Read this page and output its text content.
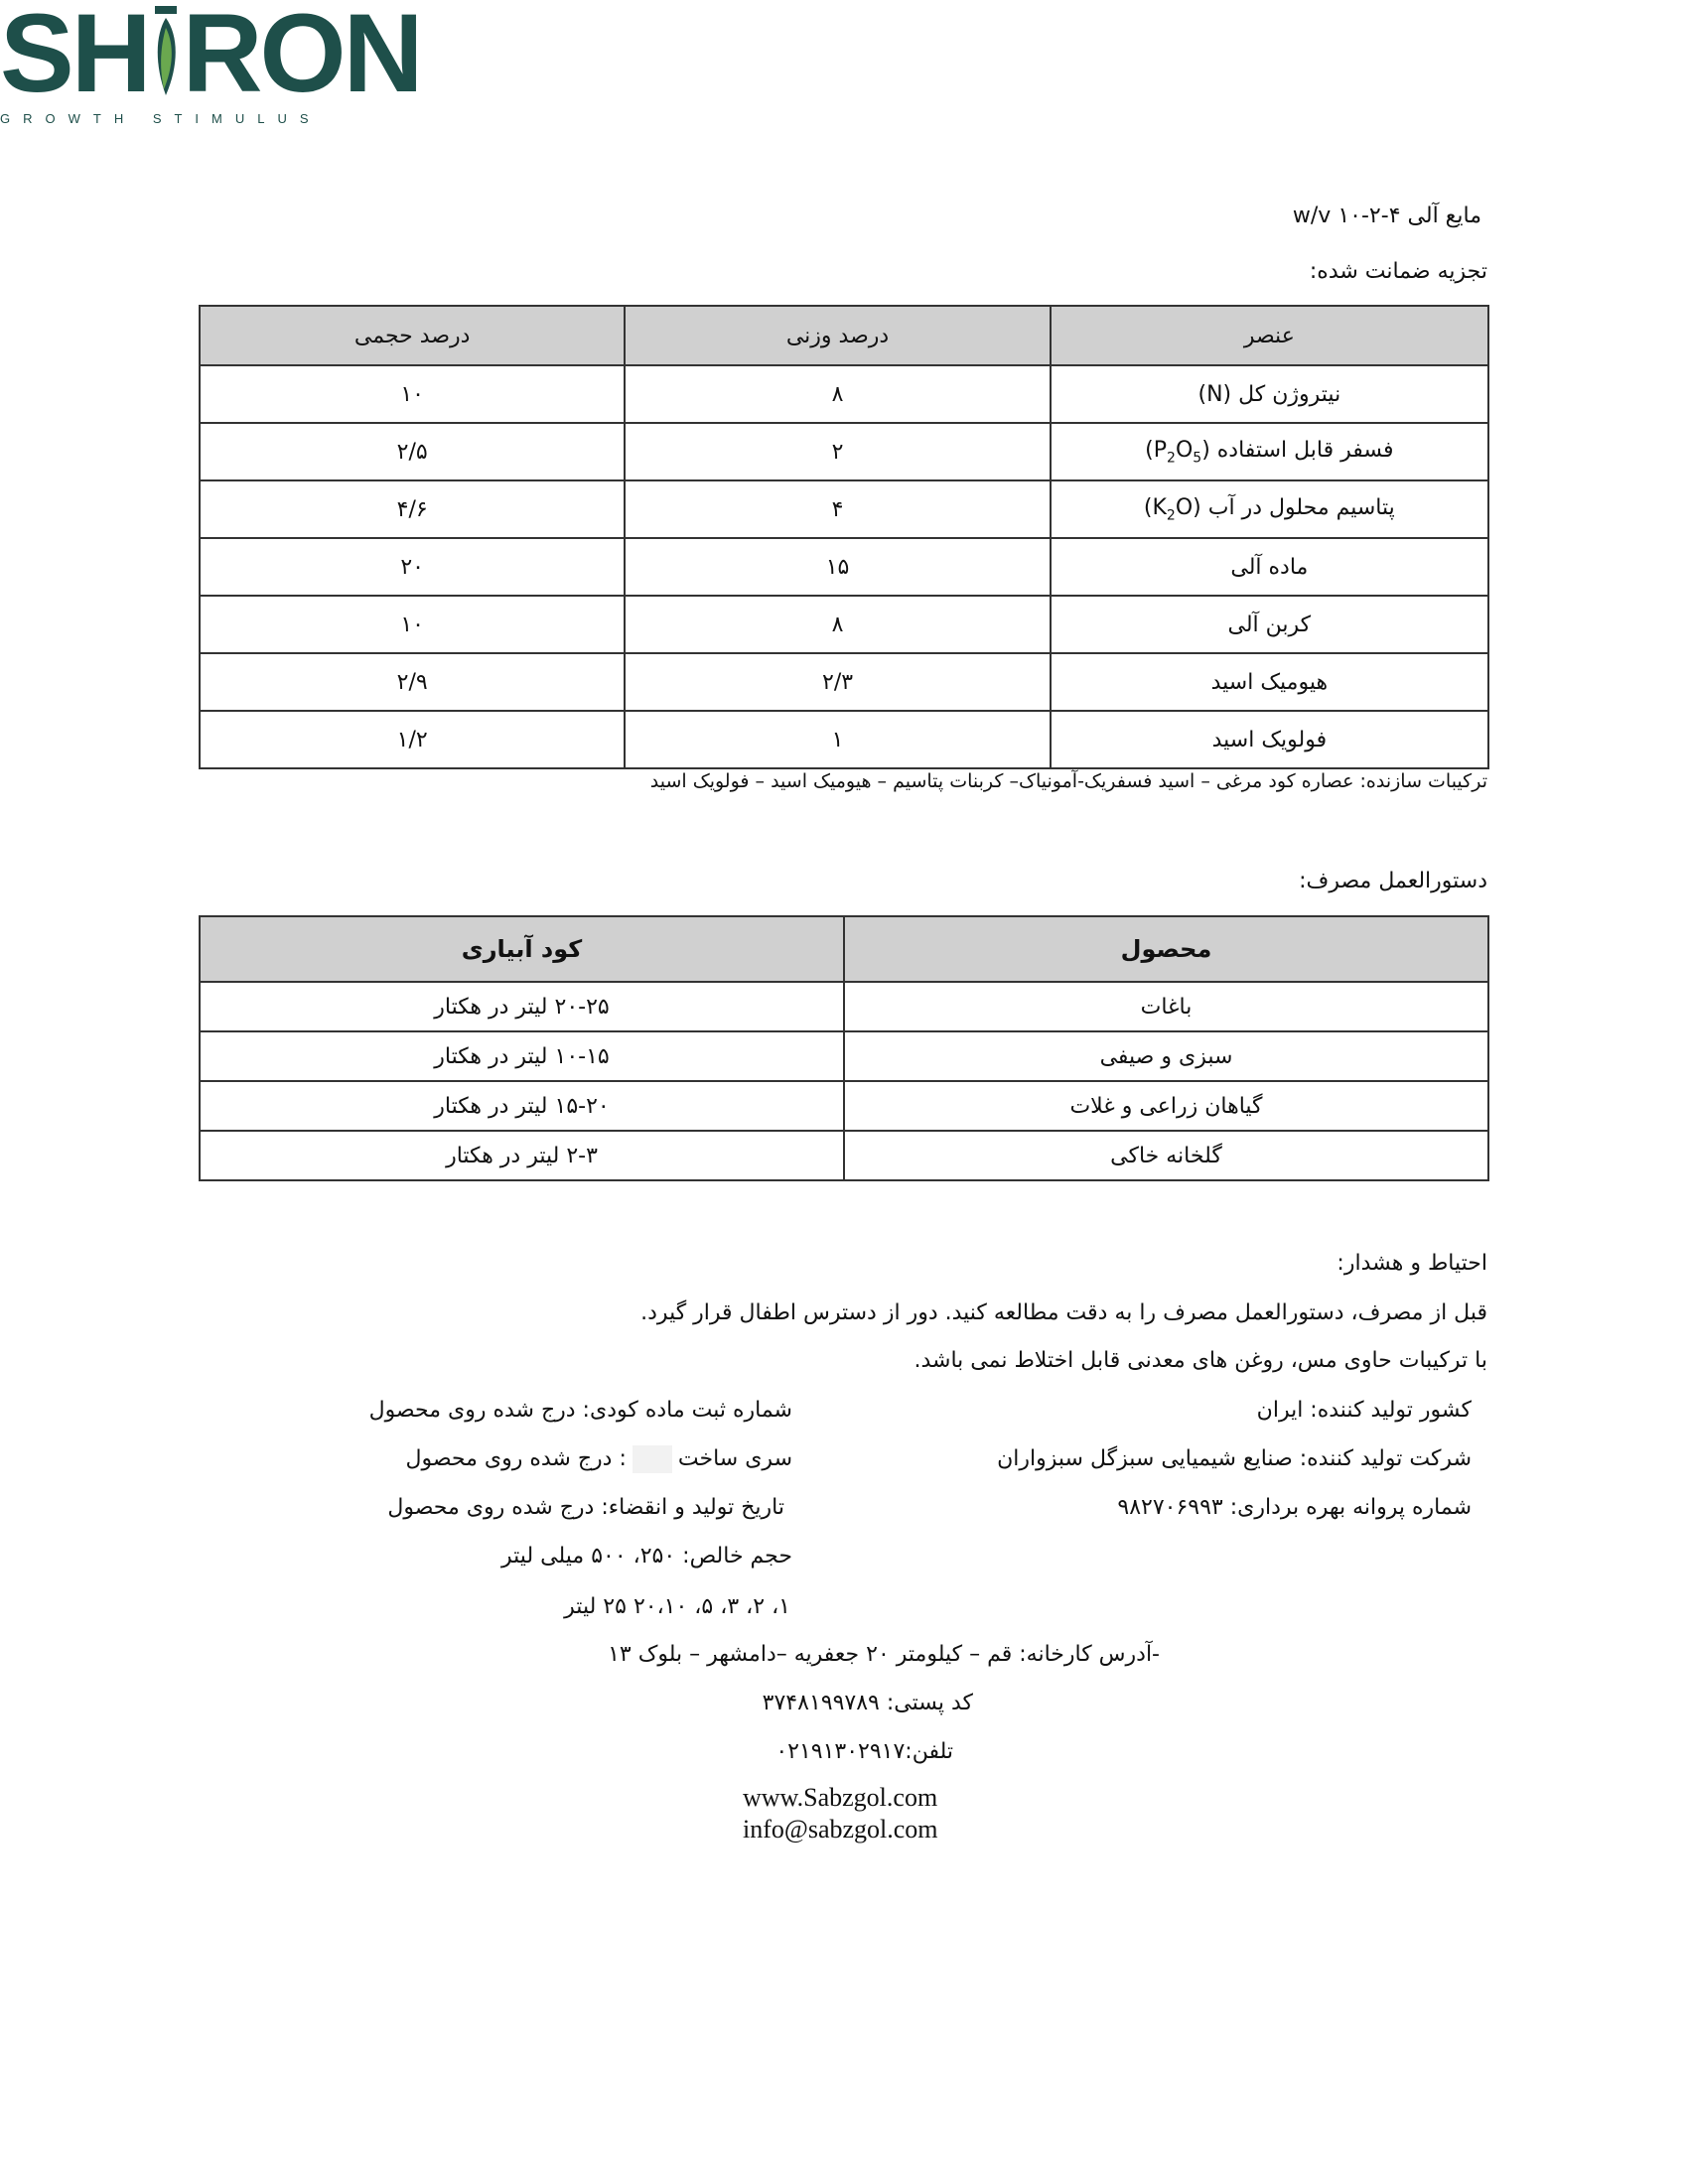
SH RON
GROWTH STIMULUS
مایع آلی ۴-۲-۱۰ w/v
تجزیه ضمانت شده:
عنصر	درصد وزنی	درصد حجمی
نیتروژن کل (N)	۸	۱۰
فسفر قابل استفاده $(P_2O_5)$	۲	۲/۵
پتاسیم محلول در آب $(K_2O)$	۴	۴/۶
ماده آلی	۱۵	۲۰
کربن آلی	۸	۱۰
هیومیک اسید	۲/۳	۲/۹
فولویک اسید	۱	۱/۲
ترکیبات سازنده: عصاره کود مرغی – اسید فسفریک-آمونیاک– کربنات پتاسیم – هیومیک اسید – فولویک اسید
دستورالعمل مصرف:
محصول	کود آبیاری
باغات	۲۰-۲۵ لیتر در هکتار
سبزی و صیفی	۱۰-۱۵ لیتر در هکتار
گیاهان زراعی و غلات	۱۵-۲۰ لیتر در هکتار
گلخانه خاکی	۲-۳ لیتر در هکتار
احتیاط و هشدار:
قبل از مصرف، دستورالعمل مصرف را به دقت مطالعه کنید. دور از دسترس اطفال قرار گیرد.
با ترکیبات حاوی مس، روغن های معدنی قابل اختلاط نمی باشد.
کشور تولید کننده: ایران
شرکت تولید کننده: صنایع شیمیایی سبزگل سبزواران
شماره پروانه بهره برداری: ۹۸۲۷۰۶۹۹۳
شماره ثبت ماده کودی: درج شده روی محصول
سری ساخت: درج شده روی محصول
تاریخ تولید و انقضاء: درج شده روی محصول
حجم خالص: ۲۵۰، ۵۰۰ میلی لیتر
۱، ۲، ۳، ۵، ۲۰،۱۰ ۲۵ لیتر
-آدرس کارخانه: قم – کیلومتر ۲۰ جعفریه –دامشهر – بلوک ۱۳
کد پستی: ۳۷۴۸۱۹۹۷۸۹
تلفن:۰۲۱۹۱۳۰۲۹۱۷
www.Sabzgol.com
info@sabzgol.com
